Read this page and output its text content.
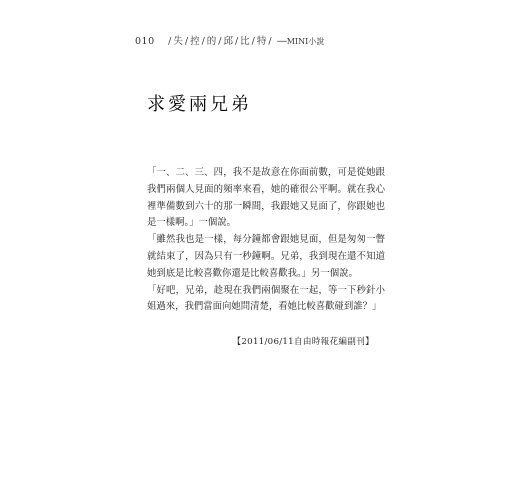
010 /失/控/的/邱/比/特/ ──MINI小說
求愛兩兄弟

「一、二、三、四，我不是故意在你面前數，可是從她跟我們兩個人見面的頻率來看，她的確很公平啊。就在我心裡準備數到六十的那一瞬間，我跟她又見面了，你跟她也是一樣啊。」一個說。

「雖然我也是一樣，每分鐘都會跟她見面，但是匆匆一瞥就結束了，因為只有一秒鐘啊。兄弟，我到現在還不知道她到底是比較喜歡你還是比較喜歡我。」另一個說。

「好吧，兄弟，趁現在我們兩個聚在一起，等一下秒針小姐過來，我們當面向她問清楚，看她比較喜歡碰到誰？」

【2011/06/11自由時報花編副刊】
